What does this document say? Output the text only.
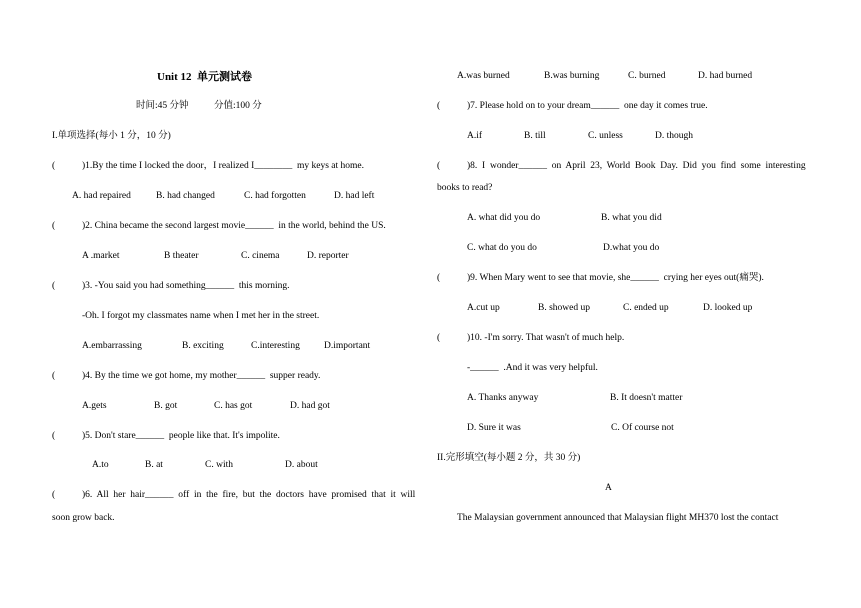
Unit 12  单元测试卷
时间:45 分钟	分值:100 分
I.单项选择(每小 1 分，10 分)
(	)1.By the time I locked the door，I realized I________  my keys at home.
A. had repaired	B. had changed	C. had forgotten	D. had left
(	)2. China became the second largest movie______  in the world, behind the US.
A .market	B theater	C. cinema	D. reporter
(	)3. -You said you had something______  this morning.
-Oh. I forgot my classmates name when I met her in the street.
A.embarrassing	B. exciting	C.interesting	D.important
(	)4. By the time we got home, my mother______  supper ready.
A.gets	B. got	C. has got	D. had got
(	)5. Don't stare______  people like that. It's impolite.
A.to	B. at	C. with	D. about
(	)6.  All  her  hair______  off  in  the  fire,  but  the  doctors  have  promised  that  it  will
soon grow back.
A.was burned	B.was burning	C. burned	D. had burned
(	)7. Please hold on to your dream______  one day it comes true.
A.if	B. till	C. unless	D. though
(	)8.  I  wonder______  on  April  23,  World  Book  Day.  Did  you  find  some  interesting
books to read?
A. what did you do	B. what you did
C. what do you do	D.what you do
(	)9. When Mary went to see that movie, she______  crying her eyes out(痛哭).
A.cut up	B. showed up	C. ended up	D. looked up
(	)10. -I'm sorry. That wasn't of much help.
-______  .And it was very helpful.
A. Thanks anyway	B. It doesn't matter
D. Sure it was	C. Of course not
II.完形填空(每小题 2 分，共 30 分)
A
The Malaysian government announced that Malaysian flight MH370 lost the contact
